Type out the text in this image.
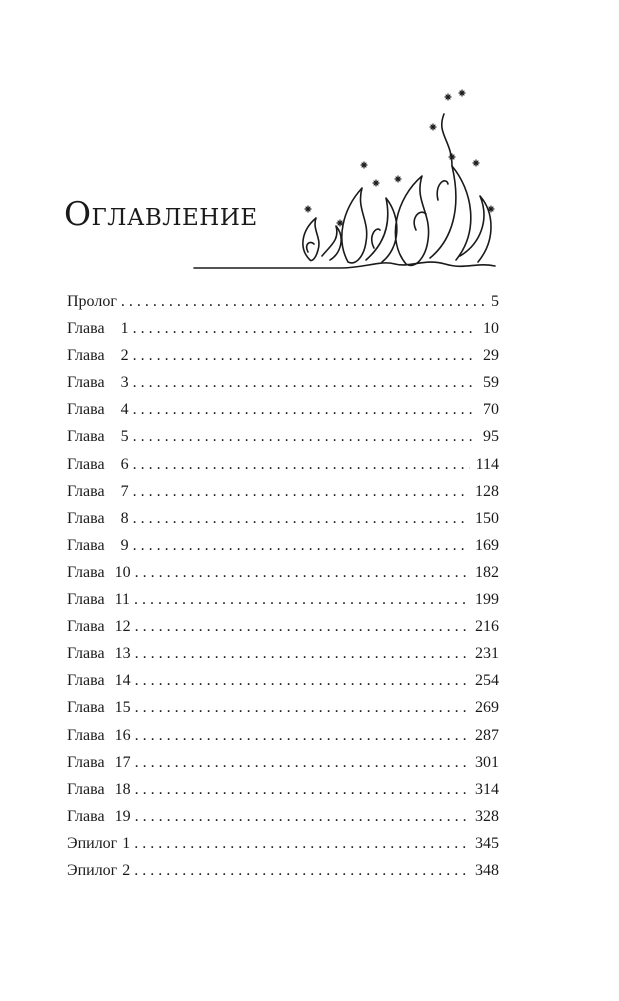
Оглавление
Пролог . . .	5
Глава 1 . . .	10
Глава 2 . . .	29
Глава 3 . . .	59
Глава 4 . . .	70
Глава 5 . . .	95
Глава 6 . . .	114
Глава 7 . . .	128
Глава 8 . . .	150
Глава 9 . . .	169
Глава 10 . . .	182
Глава 11 . . .	199
Глава 12 . . .	216
Глава 13 . . .	231
Глава 14 . . .	254
Глава 15 . . .	269
Глава 16 . . .	287
Глава 17 . . .	301
Глава 18 . . .	314
Глава 19 . . .	328
Эпилог 1 . . .	345
Эпилог 2 . . .	348
